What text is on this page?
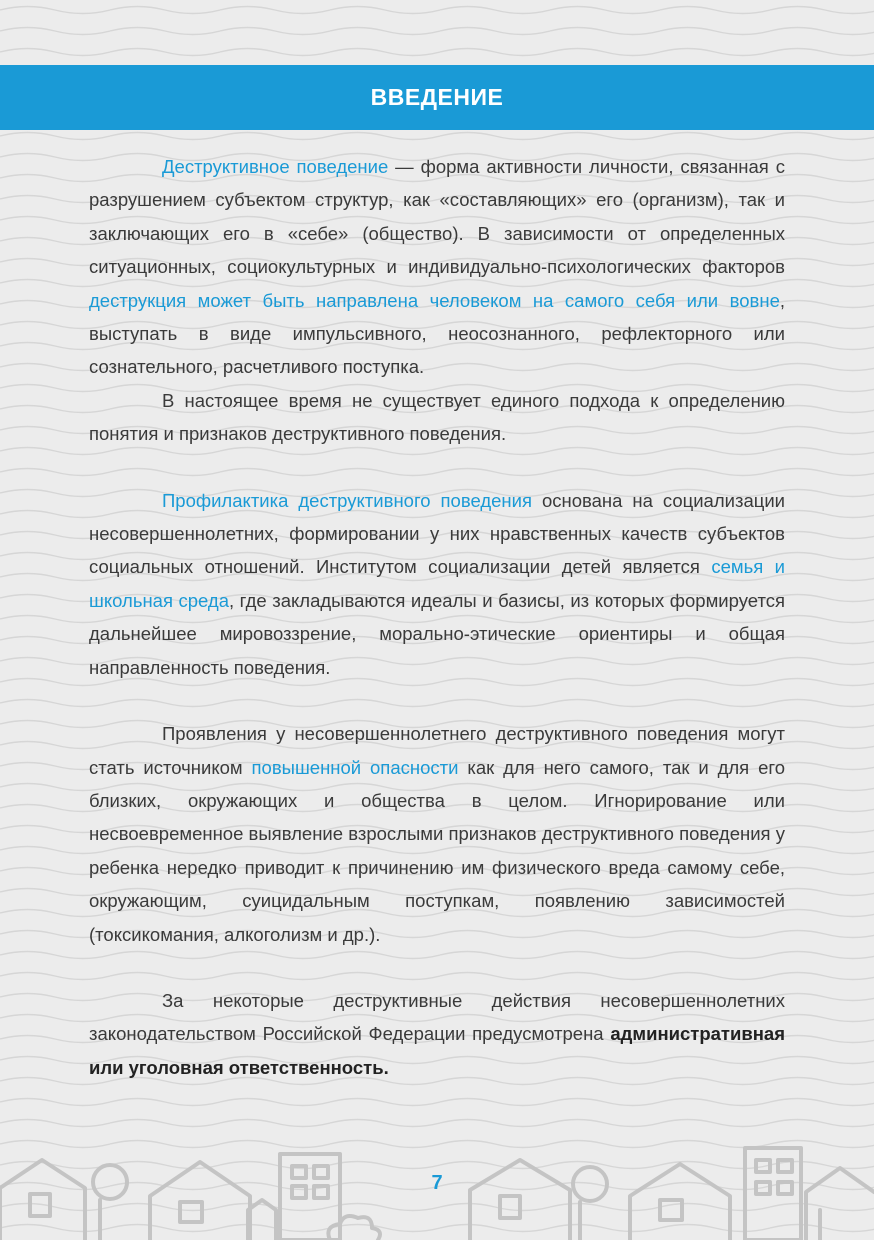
ВВЕДЕНИЕ

Деструктивное поведение — форма активности личности, связанная с разрушением субъектом структур, как «составляющих» его (организм), так и заключающих его в «себе» (общество). В зависимости от определенных ситуационных, социокультурных и индивидуально-психологических факторов деструкция может быть направлена человеком на самого себя или вовне, выступать в виде импульсивного, неосознанного, рефлекторного или сознательного, расчетливого поступка.

В настоящее время не существует единого подхода к определению понятия и признаков деструктивного поведения.

Профилактика деструктивного поведения основана на социализации несовершеннолетних, формировании у них нравственных качеств субъектов социальных отношений. Институтом социализации детей является семья и школьная среда, где закладываются идеалы и базисы, из которых формируется дальнейшее мировоззрение, морально-этические ориентиры и общая направленность поведения.

Проявления у несовершеннолетнего деструктивного поведения могут стать источником повышенной опасности как для него самого, так и для его близких, окружающих и общества в целом. Игнорирование или несвоевременное выявление взрослыми признаков деструктивного поведения у ребенка нередко приводит к причинению им физического вреда самому себе, окружающим, суицидальным поступкам, появлению зависимостей (токсикомания, алкоголизм и др.).

За некоторые деструктивные действия несовершеннолетних законодательством Российской Федерации предусмотрена административная или уголовная ответственность.

7
